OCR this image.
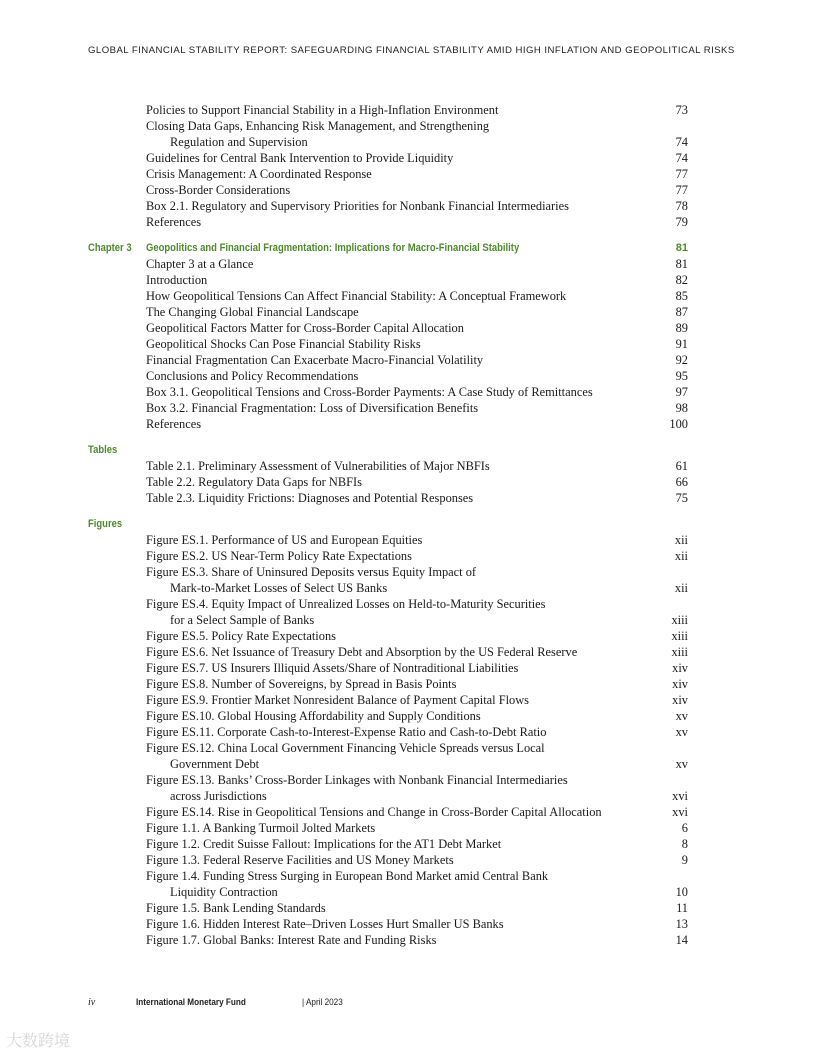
GLOBAL FINANCIAL STABILITY REPORT: SAFEGUARDING FINANCIAL STABILITY AMID HIGH INFLATION AND GEOPOLITICAL RISKS
Policies to Support Financial Stability in a High-Inflation Environment	73
Closing Data Gaps, Enhancing Risk Management, and Strengthening
Regulation and Supervision	74
Guidelines for Central Bank Intervention to Provide Liquidity	74
Crisis Management: A Coordinated Response	77
Cross-Border Considerations	77
Box 2.1. Regulatory and Supervisory Priorities for Nonbank Financial Intermediaries	78
References	79
Chapter 3 Geopolitics and Financial Fragmentation: Implications for Macro-Financial Stability	81
Chapter 3 at a Glance	81
Introduction	82
How Geopolitical Tensions Can Affect Financial Stability: A Conceptual Framework	85
The Changing Global Financial Landscape	87
Geopolitical Factors Matter for Cross-Border Capital Allocation	89
Geopolitical Shocks Can Pose Financial Stability Risks	91
Financial Fragmentation Can Exacerbate Macro-Financial Volatility	92
Conclusions and Policy Recommendations	95
Box 3.1. Geopolitical Tensions and Cross-Border Payments: A Case Study of Remittances	97
Box 3.2. Financial Fragmentation: Loss of Diversification Benefits	98
References	100
Tables
Table 2.1. Preliminary Assessment of Vulnerabilities of Major NBFIs	61
Table 2.2. Regulatory Data Gaps for NBFIs	66
Table 2.3. Liquidity Frictions: Diagnoses and Potential Responses	75
Figures
Figure ES.1. Performance of US and European Equities	xii
Figure ES.2. US Near-Term Policy Rate Expectations	xii
Figure ES.3. Share of Uninsured Deposits versus Equity Impact of
Mark-to-Market Losses of Select US Banks	xii
Figure ES.4. Equity Impact of Unrealized Losses on Held-to-Maturity Securities
for a Select Sample of Banks	xiii
Figure ES.5. Policy Rate Expectations	xiii
Figure ES.6. Net Issuance of Treasury Debt and Absorption by the US Federal Reserve	xiii
Figure ES.7. US Insurers Illiquid Assets/Share of Nontraditional Liabilities	xiv
Figure ES.8. Number of Sovereigns, by Spread in Basis Points	xiv
Figure ES.9. Frontier Market Nonresident Balance of Payment Capital Flows	xiv
Figure ES.10. Global Housing Affordability and Supply Conditions	xv
Figure ES.11. Corporate Cash-to-Interest-Expense Ratio and Cash-to-Debt Ratio	xv
Figure ES.12. China Local Government Financing Vehicle Spreads versus Local
Government Debt	xv
Figure ES.13. Banks’ Cross-Border Linkages with Nonbank Financial Intermediaries
across Jurisdictions	xvi
Figure ES.14. Rise in Geopolitical Tensions and Change in Cross-Border Capital Allocation	xvi
Figure 1.1. A Banking Turmoil Jolted Markets	6
Figure 1.2. Credit Suisse Fallout: Implications for the AT1 Debt Market	8
Figure 1.3. Federal Reserve Facilities and US Money Markets	9
Figure 1.4. Funding Stress Surging in European Bond Market amid Central Bank
Liquidity Contraction	10
Figure 1.5. Bank Lending Standards	11
Figure 1.6. Hidden Interest Rate–Driven Losses Hurt Smaller US Banks	13
Figure 1.7. Global Banks: Interest Rate and Funding Risks	14
iv	International Monetary Fund	| April 2023
大数跨境
